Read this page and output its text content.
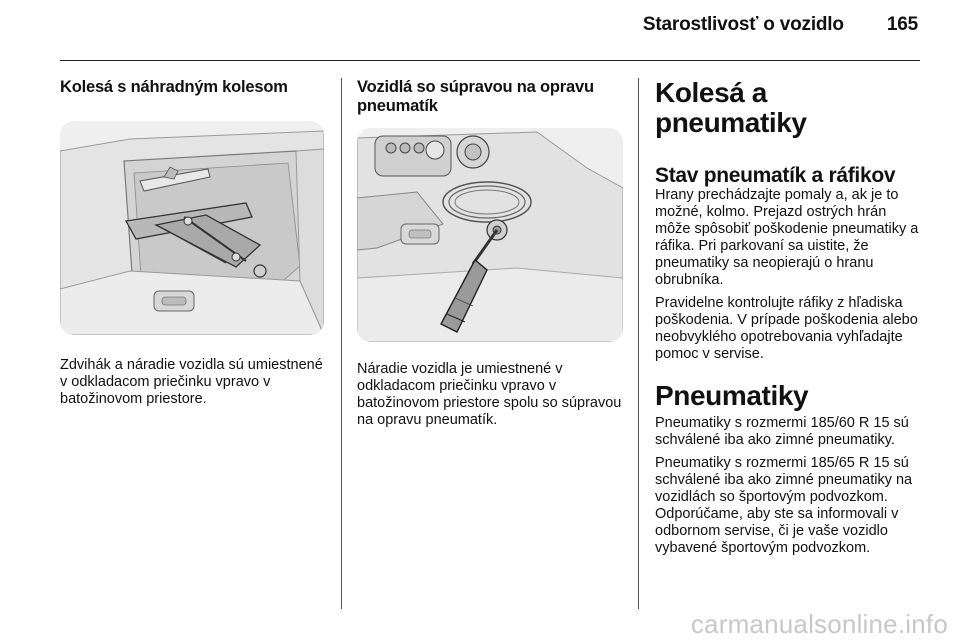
Starostlivosť o vozidlo 165
Kolesá s náhradným kolesom
Zdvihák a náradie vozidla sú umiestnené v odkladacom priečinku vpravo v batožinovom priestore.
Vozidlá so súpravou na opravu pneumatík
Náradie vozidla je umiestnené v odkladacom priečinku vpravo v batožinovom priestore spolu so súpravou na opravu pneumatík.
Kolesá a pneumatiky
Stav pneumatík a ráfikov

Hrany prechádzajte pomaly a, ak je to možné, kolmo. Prejazd ostrých hrán môže spôsobiť poškodenie pneumatiky a ráfika. Pri parkovaní sa uistite, že pneumatiky sa neopierajú o hranu obrubníka.

Pravidelne kontrolujte ráfiky z hľadiska poškodenia. V prípade poškodenia alebo neobvyklého opotrebovania vyhľadajte pomoc v servise.

Pneumatiky

Pneumatiky s rozmermi 185/60 R 15 sú schválené iba ako zimné pneumatiky.

Pneumatiky s rozmermi 185/65 R 15 sú schválené iba ako zimné pneumatiky na vozidlách so športovým podvozkom.

Odporúčame, aby ste sa informovali v odbornom servise, či je vaše vozidlo vybavené športovým podvozkom.

carmanualsonline.info
